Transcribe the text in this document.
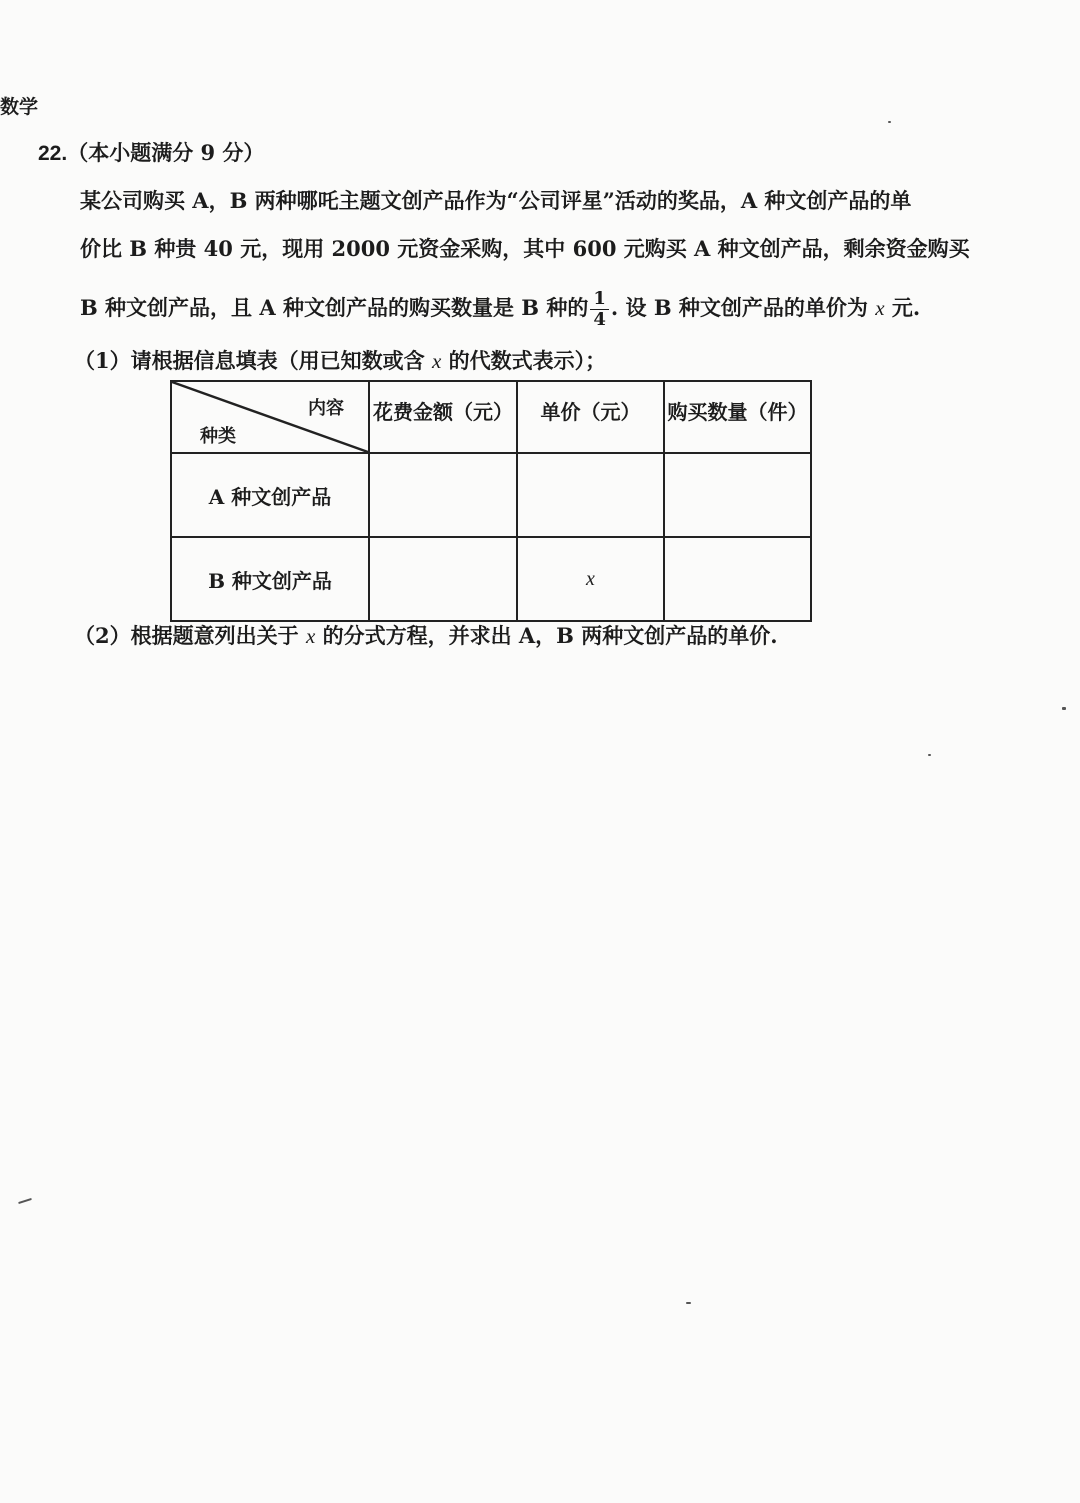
数学
22.（本小题满分 9 分）
某公司购买 A，B 两种哪吒主题文创产品作为“公司评星”活动的奖品，A 种文创产品的单
价比 B 种贵 40 元，现用 2000 元资金采购，其中 600 元购买 A 种文创产品，剩余资金购买
B 种文创产品，且 A 种文创产品的购买数量是 B 种的 $\frac{1}{4}$ . 设 B 种文创产品的单价为 x 元.
（1）请根据信息填表（用已知数或含 x 的代数式表示）；
内容
种类	花费金额（元）	单价（元）	购买数量（件）
A 种文创产品			
B 种文创产品		x	
（2）根据题意列出关于 x 的分式方程，并求出 A，B 两种文创产品的单价.
